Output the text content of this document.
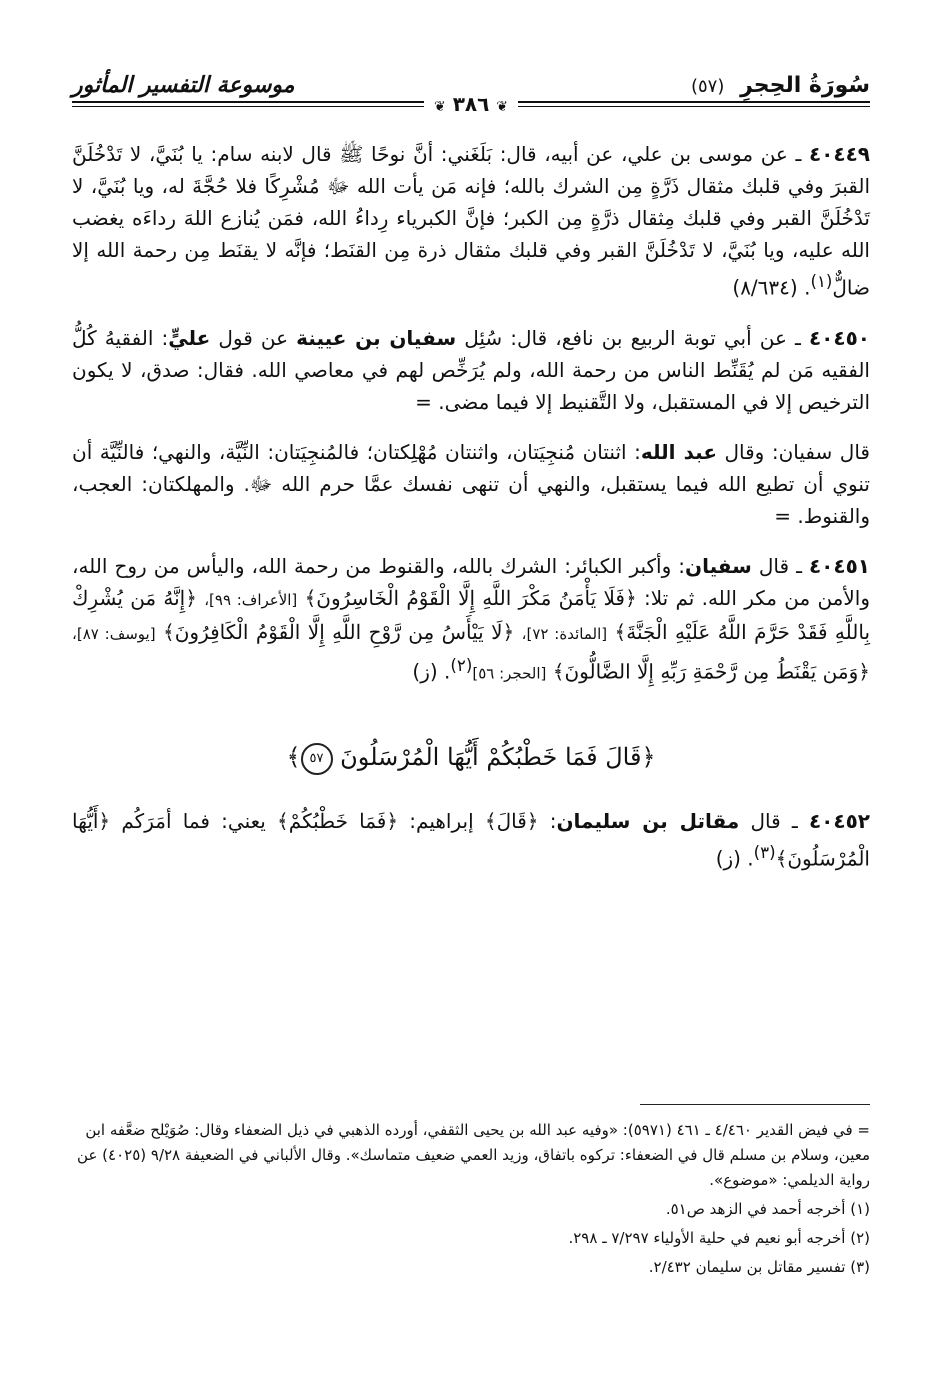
سُورَةُ الحِجرِ (٥٧)
موسوعة التفسير المأثور
❦ ٣٨٦ ❦

٤٠٤٤٩ ـ عن موسى بن علي، عن أبيه، قال: بَلَغَني: أنَّ نوحًا ﷺ قال لابنه سام: يا بُنَيَّ، لا تَدْخُلَنَّ القبرَ وفي قلبك مثقال ذَرَّةٍ مِن الشرك بالله؛ فإنه مَن يأت الله ﷻ مُشْرِكًا فلا حُجَّةَ له، ويا بُنَيَّ، لا تَدْخُلَنَّ القبر وفي قلبك مِثقال ذرَّةٍ مِن الكبر؛ فإنَّ الكبرياء رِداءُ الله، فمَن يُنازع اللهَ رداءَه يغضب الله عليه، ويا بُنَيَّ، لا تَدْخُلَنَّ القبر وفي قلبك مثقال ذرة مِن القنَط؛ فإنَّه لا يقنَط مِن رحمة الله إلا ضالٌّ$^{(١)}$. (٨/٦٣٤)

٤٠٤٥٠ ـ عن أبي توبة الربيع بن نافع، قال: سُئِل سفيان بن عيينة عن قول عليٍّ: الفقيهُ كُلُّ الفقيه مَن لم يُقَنِّط الناس من رحمة الله، ولم يُرَخِّص لهم في معاصي الله. فقال: صدق، لا يكون الترخيص إلا في المستقبل، ولا التَّقنيط إلا فيما مضى. =

قال سفيان: وقال عبد الله: اثنتان مُنجِيَتان، واثنتان مُهْلِكتان؛ فالمُنجِيَتان: النِّيَّة، والنهي؛ فالنِّيَّة أن تنوي أن تطيع الله فيما يستقبل، والنهي أن تنهى نفسك عمَّا حرم الله ﷻ. والمهلكتان: العجب، والقنوط. =

٤٠٤٥١ ـ قال سفيان: وأكبر الكبائر: الشرك بالله، والقنوط من رحمة الله، واليأس من روح الله، والأمن من مكر الله. ثم تلا: ﴿فَلَا يَأْمَنُ مَكْرَ اللَّهِ إِلَّا الْقَوْمُ الْخَاسِرُونَ﴾ [الأعراف: ٩٩]، ﴿إِنَّهُ مَن يُشْرِكْ بِاللَّهِ فَقَدْ حَرَّمَ اللَّهُ عَلَيْهِ الْجَنَّةَ﴾ [المائدة: ٧٢]، ﴿لَا يَيْأَسُ مِن رَّوْحِ اللَّهِ إِلَّا الْقَوْمُ الْكَافِرُونَ﴾ [يوسف: ٨٧]، ﴿وَمَن يَقْنَطُ مِن رَّحْمَةِ رَبِّهِ إِلَّا الضَّالُّونَ﴾ [الحجر: ٥٦]$^{(٢)}$. (ز)

﴿قَالَ فَمَا خَطْبُكُمْ أَيُّهَا الْمُرْسَلُونَ ٥٧﴾

٤٠٤٥٢ ـ قال مقاتل بن سليمان: ﴿قَالَ﴾ إبراهيم: ﴿فَمَا خَطْبُكُمْ﴾ يعني: فما أمَرَكُم ﴿أَيُّهَا الْمُرْسَلُونَ﴾$^{(٣)}$. (ز)

= في فيض القدير ٤/٤٦٠ ـ ٤٦١ (٥٩٧١): «وفيه عبد الله بن يحيى الثقفي، أورده الذهبي في ذيل الضعفاء وقال: صُوَيْلح ضعَّفه ابن معين، وسلام بن مسلم قال في الضعفاء: تركوه باتفاق، وزيد العمي ضعيف متماسك». وقال الألباني في الضعيفة ٩/٢٨ (٤٠٢٥) عن رواية الديلمي: «موضوع».

(١) أخرجه أحمد في الزهد ص٥١.

(٢) أخرجه أبو نعيم في حلية الأولياء ٧/٢٩٧ ـ ٢٩٨.

(٣) تفسير مقاتل بن سليمان ٢/٤٣٢.
